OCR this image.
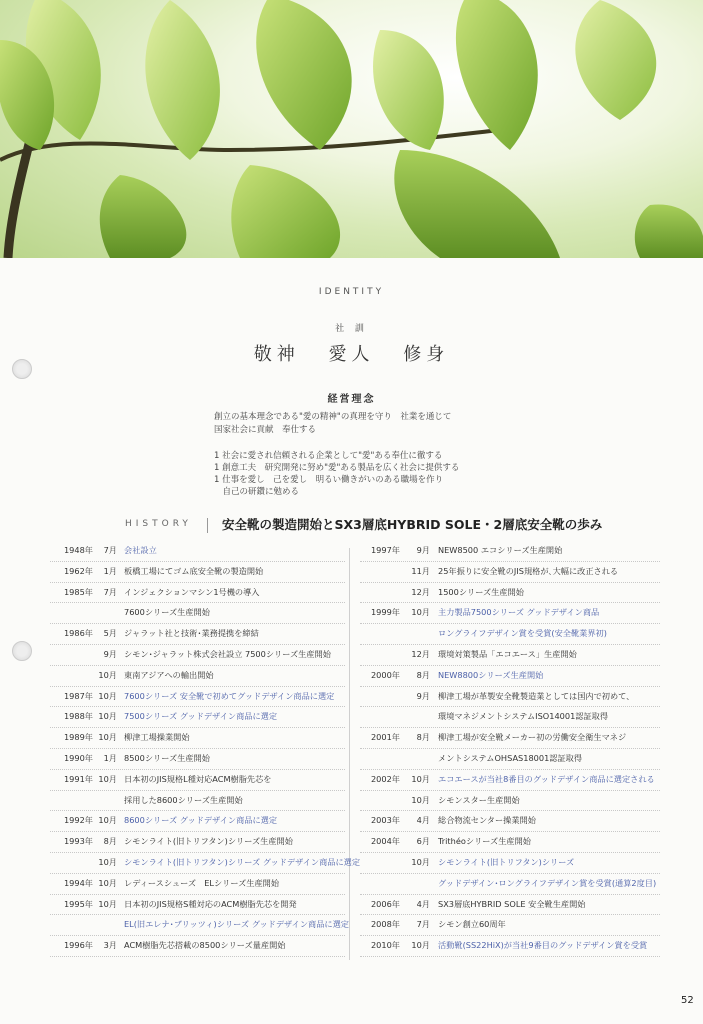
IDENTITY
社 訓
敬神 愛人 修身
経営理念
創立の基本理念である"愛の精神"の真理を守り　社業を通じて
国家社会に貢献　奉仕する
1 社会に愛され信頼される企業として"愛"ある奉仕に徹する
1 創意工夫　研究開発に努め"愛"ある製品を広く社会に提供する
1 仕事を愛し　己を愛し　明るい働きがいのある職場を作り
　自己の研鑽に勉める
HISTORY 安全靴の製造開始とSX3層底HYBRID SOLE・2層底安全靴の歩み
1948年	7月 会社設立
1962年	1月 板橋工場にてゴム底安全靴の製造開始
1985年	7月 インジェクションマシン1号機の導入
7600シリーズ生産開始
1986年	5月 ジャラット社と技術･業務提携を締結
9月 シモン･ジャラット株式会社設立 7500シリーズ生産開始
10月 東南アジアへの輸出開始
1987年 10月 7600シリーズ 安全靴で初めてグッドデザイン商品に選定
1988年 10月 7500シリーズ グッドデザイン商品に選定
1989年 10月 柳津工場操業開始
1990年	1月 8500シリーズ生産開始
1991年 10月 日本初のJIS規格L種対応ACM樹脂先芯を
採用した8600シリーズ生産開始
1992年 10月 8600シリーズ グッドデザイン商品に選定
1993年	8月 シモンライト(旧トリフタン)シリーズ生産開始
10月 シモンライト(旧トリフタン)シリーズ グッドデザイン商品に選定
1994年 10月 レディースシューズ　ELシリーズ生産開始
1995年 10月 日本初のJIS規格S種対応のACM樹脂先芯を開発
EL(旧エレナ･ブリッツィ)シリーズ グッドデザイン商品に選定
1996年	3月 ACM樹脂先芯搭載の8500シリーズ量産開始
1997年	9月 NEW8500 エコシリーズ生産開始
11月 25年振りに安全靴のJIS規格が､大幅に改正される
12月 1500シリーズ生産開始
1999年	10月 主力製品7500シリーズ グッドデザイン商品
ロングライフデザイン賞を受賞(安全靴業界初)
12月 環境対策製品「エコエース」生産開始
2000年	8月 NEW8800シリーズ生産開始
9月 柳津工場が革製安全靴製造業としては国内で初めて、
環境マネジメントシステムISO14001認証取得
2001年	8月 柳津工場が安全靴メーカー初の労働安全衛生マネジ
メントシステムOHSAS18001認証取得
2002年	10月 エコエースが当社8番目のグッドデザイン商品に選定される
10月 シモンスター生産開始
2003年	4月 総合物流センター操業開始
2004年	6月 Trithéoシリーズ生産開始
10月 シモンライト(旧トリフタン)シリーズ
グッドデザイン･ロングライフデザイン賞を受賞(通算2度目)
2006年	4月 SX3層底HYBRID SOLE 安全靴生産開始
2008年	7月 シモン創立60周年
2010年	10月 活動靴(SS22HiX)が当社9番目のグッドデザイン賞を受賞
52
